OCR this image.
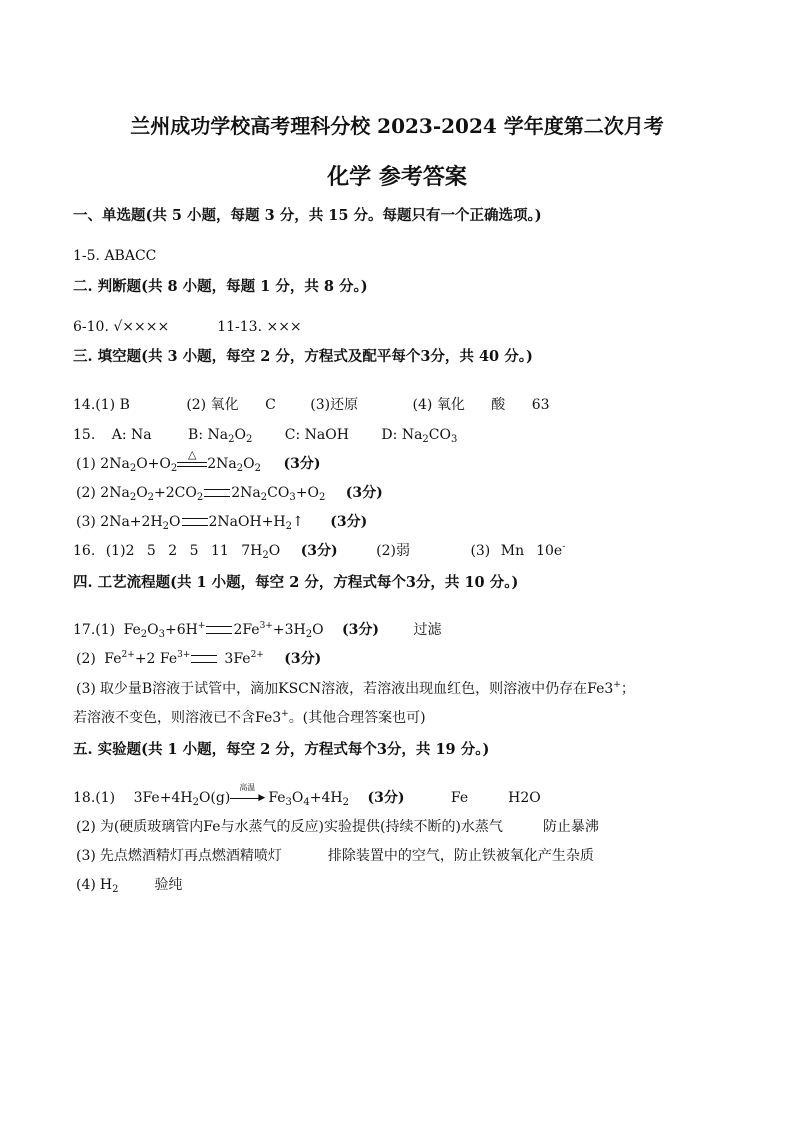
兰州成功学校高考理科分校 2023-2024 学年度第二次月考
化学 参考答案
一、单选题(共 5 小题，每题 3 分，共 15 分。每题只有一个正确选项。)
1-5. ABACC
二. 判断题(共 8 小题，每题 1 分，共 8 分。)
6-10. √××××	11-13. ×××
三. 填空题(共 3 小题，每空 2 分，方程式及配平每个3分，共 40 分。)
14.(1) B	(2) 氧化 C (3)还原	(4) 氧化 酸 63
15. A: Na	B: $Na_2O_2$ C: NaOH D: $Na_2CO_3$
(1) $2Na_2O+O_2$
△
$2Na_2O_2$ (3分)
(2) $2Na_2O_2+2CO_2$ $2Na_2CO_3+O_2$ (3分)
(3) $2Na+2H_2O$ $2NaOH+H_2↑$ (3分)
16. (1)2 5 2 5 11 $7H_2O$ (3分)	(2)弱	(3) Mn 10e-
四. 工艺流程题(共 1 小题，每空 2 分，方程式每个3分，共 10 分。)
17.(1) $Fe_2O_3+6H^+$ $2Fe^{3+}+3H_2O$ (3分) 过滤
(2) $Fe^{2+}+2$ $Fe^{3+}$ $3Fe^{2+}$ (3分)
(3) 取少量B溶液于试管中，滴加KSCN溶液，若溶液出现血红色，则溶液中仍存在Fe3+；
若溶液不变色，则溶液已不含Fe3+。(其他合理答案也可)
五. 实验题(共 1 小题，每空 2 分，方程式每个3分，共 19 分。)
18.(1) $3Fe+4H_2O(g)$
高温
▶ $Fe_3O_4+4H_2$ (3分)	Fe	H2O
(2) 为(硬质玻璃管内Fe与水蒸气的反应)实验提供(持续不断的)水蒸气	防止暴沸
(3) 先点燃酒精灯再点燃酒精喷灯	排除装置中的空气，防止铁被氧化产生杂质
(4) $H_2$	验纯
